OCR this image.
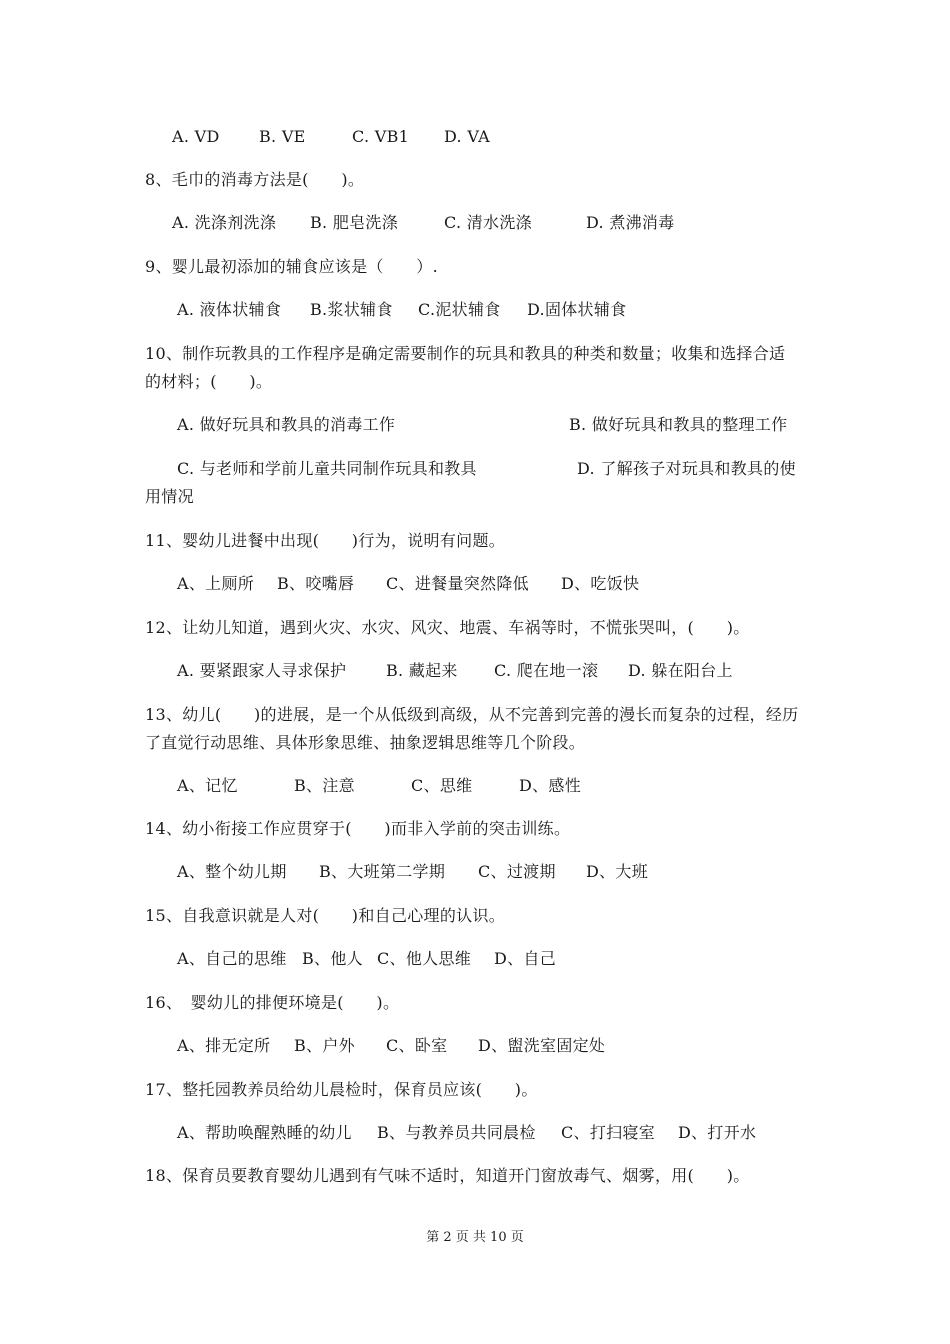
A. VD B. VE	C. VB1 D. VA
8、毛巾的消毒方法是(　　)。
A. 洗涤剂洗涤 B. 肥皂洗涤	C. 清水洗涤	D. 煮沸消毒
9、婴儿最初添加的辅食应该是（　　）.
A. 液体状辅食 B.浆状辅食 C.泥状辅食 D.固体状辅食
10、制作玩教具的工作程序是确定需要制作的玩具和教具的种类和数量；收集和选择合适
的材料；(　　)。
A. 做好玩具和教具的消毒工作	B. 做好玩具和教具的整理工作
C. 与老师和学前儿童共同制作玩具和教具	D. 了解孩子对玩具和教具的使
用情况
11、婴幼儿进餐中出现(　　)行为，说明有问题。
A、上厕所 B、咬嘴唇 C、进餐量突然降低 D、吃饭快
12、让幼儿知道，遇到火灾、水灾、风灾、地震、车祸等时，不慌张哭叫，(　　)。
A. 要紧跟家人寻求保护 B. 藏起来 C. 爬在地一滚 D. 躲在阳台上
13、幼儿(　　)的进展，是一个从低级到高级，从不完善到完善的漫长而复杂的过程，经历
了直觉行动思维、具体形象思维、抽象逻辑思维等几个阶段。
A、记忆	B、注意	C、思维	D、感性
14、幼小衔接工作应贯穿于(　　)而非入学前的突击训练。
A、整个幼儿期 B、大班第二学期 C、过渡期 D、大班
15、自我意识就是人对(　　)和自己心理的认识。
A、自己的思维 B、他人 C、他人思维 D、自己
16、　婴幼儿的排便环境是(　　)。
A、排无定所 B、户外 C、卧室 D、盥洗室固定处
17、整托园教养员给幼儿晨检时，保育员应该(　　)。
A、帮助唤醒熟睡的幼儿 B、与教养员共同晨检 C、打扫寝室 D、打开水
18、保育员要教育婴幼儿遇到有气味不适时，知道开门窗放毒气、烟雾，用(　　)。
第 2 页 共 10 页
